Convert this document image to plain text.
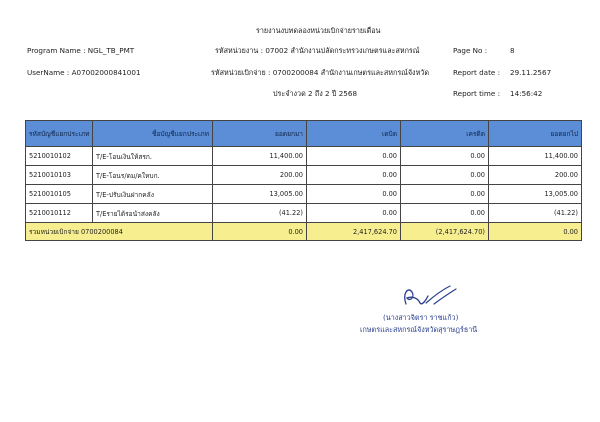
รายงานงบทดลองหน่วยเบิกจ่ายรายเดือน
Program Name : NGL_TB_PMT
UserName : A07002000841001
รหัสหน่วยงาน : 07002 สำนักงานปลัดกระทรวงเกษตรและสหกรณ์
รหัสหน่วยเบิกจ่าย : 0700200084 สำนักงานเกษตรและสหกรณ์จังหวัด
ประจำงวด 2 ถึง 2 ปี 2568
Page No :	8
Report date : 29.11.2567
Report time : 14:56:42
รหัสบัญชีแยกประเภท	ชื่อบัญชีแยกประเภท	ยอดยกมา	เดบิต	เครดิต	ยอดยกไป
5210010102	T/E-โอนเงินให้สรก.	11,400.00	0.00	0.00	11,400.00
5210010103	T/E-โอนร/ดม/คใหบก.	200.00	0.00	0.00	200.00
5210010105	T/E-ปรับเงินฝากคลัง	13,005.00	0.00	0.00	13,005.00
5210010112	T/Eรายได้รอนำส่งคลัง	(41.22)	0.00	0.00	(41.22)
รวมหน่วยเบิกจ่าย 0700200084		0.00	2,417,624.70	(2,417,624.70)	0.00
(นางสาวจิตรา ราชแก้ว)
เกษตรและสหกรณ์จังหวัดสุราษฎร์ธานี
